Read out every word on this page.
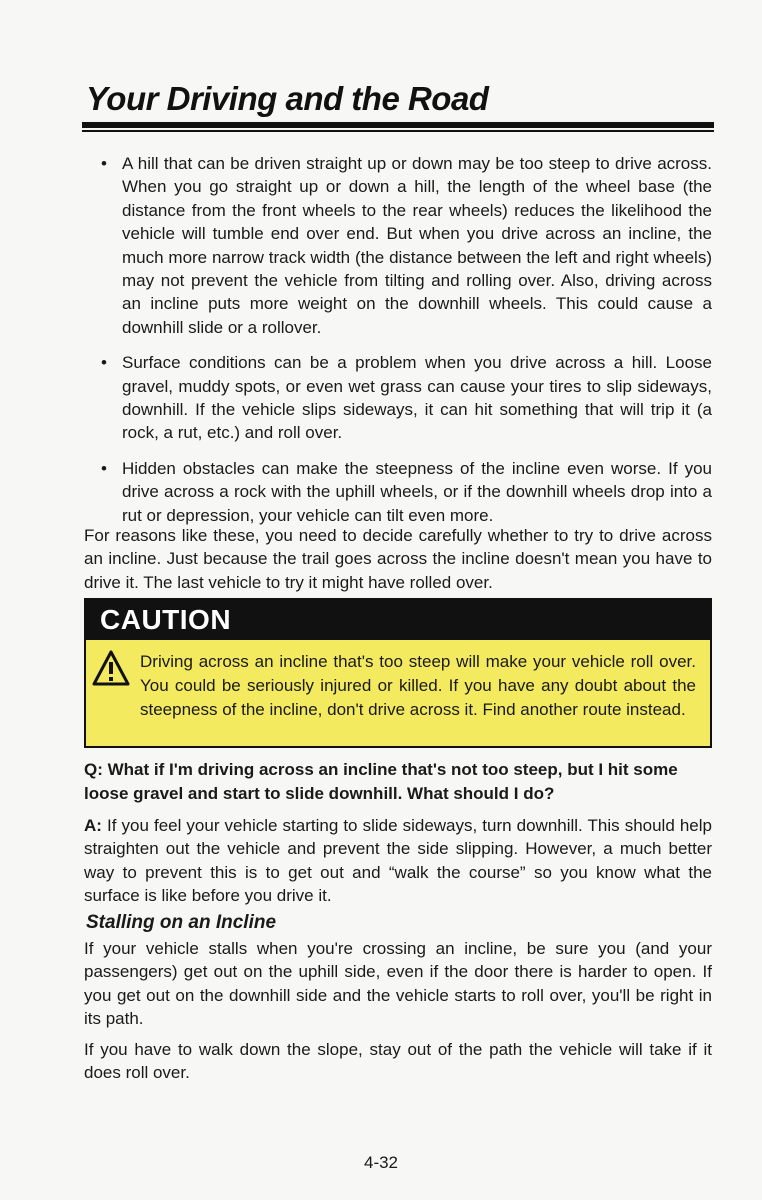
Your Driving and the Road
• A hill that can be driven straight up or down may be too steep to drive across. When you go straight up or down a hill, the length of the wheel base (the distance from the front wheels to the rear wheels) reduces the likelihood the vehicle will tumble end over end. But when you drive across an incline, the much more narrow track width (the distance between the left and right wheels) may not prevent the vehicle from tilting and rolling over. Also, driving across an incline puts more weight on the downhill wheels. This could cause a downhill slide or a rollover.
• Surface conditions can be a problem when you drive across a hill. Loose gravel, muddy spots, or even wet grass can cause your tires to slip sideways, downhill. If the vehicle slips sideways, it can hit something that will trip it (a rock, a rut, etc.) and roll over.
• Hidden obstacles can make the steepness of the incline even worse. If you drive across a rock with the uphill wheels, or if the downhill wheels drop into a rut or depression, your vehicle can tilt even more.

For reasons like these, you need to decide carefully whether to try to drive across an incline. Just because the trail goes across the incline doesn't mean you have to drive it. The last vehicle to try it might have rolled over.

CAUTION
Driving across an incline that's too steep will make your vehicle roll over. You could be seriously injured or killed. If you have any doubt about the steepness of the incline, don't drive across it. Find another route instead.

Q: What if I'm driving across an incline that's not too steep, but I hit some loose gravel and start to slide downhill. What should I do?

A: If you feel your vehicle starting to slide sideways, turn downhill. This should help straighten out the vehicle and prevent the side slipping. However, a much better way to prevent this is to get out and “walk the course” so you know what the surface is like before you drive it.

Stalling on an Incline

If your vehicle stalls when you're crossing an incline, be sure you (and your passengers) get out on the uphill side, even if the door there is harder to open. If you get out on the downhill side and the vehicle starts to roll over, you'll be right in its path.

If you have to walk down the slope, stay out of the path the vehicle will take if it does roll over.

4-32
